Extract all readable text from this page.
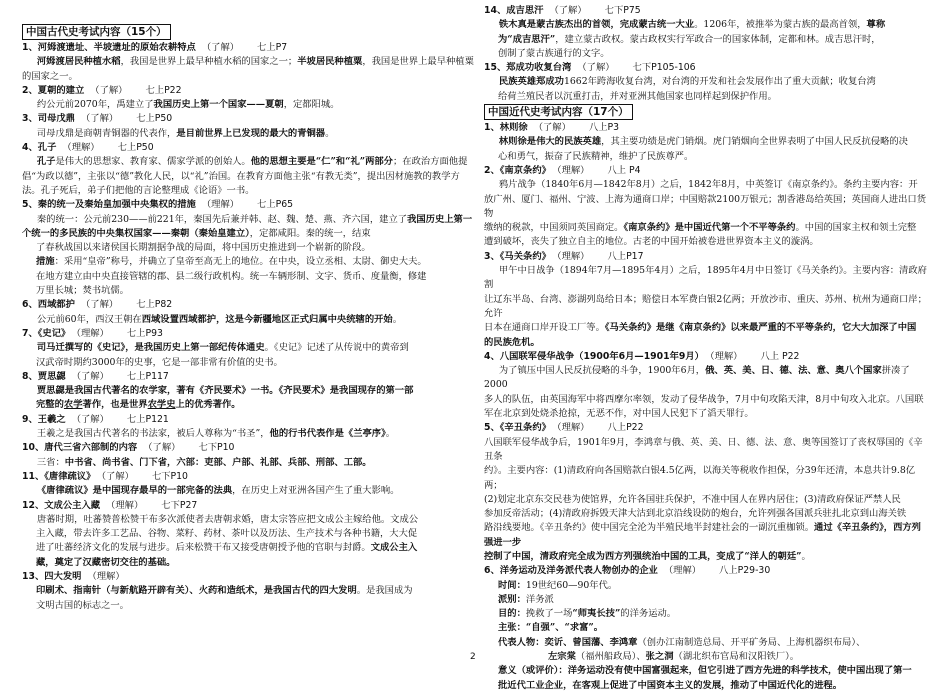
中国古代史考试内容（15个）

1、河姆渡遗址、半坡遗址的原始农耕特点 （了解） 七上P7

河姆渡居民种植水稻，我国是世界上最早种植水稻的国家之一；半坡居民种植粟，我国是世界上最早种植粟的国家之一。

2、夏朝的建立 （了解） 七上P22

约公元前2070年，禹建立了我国历史上第一个国家——夏朝，定都阳城。

3、司母戊鼎 （了解） 七上P50

司母戊鼎是商朝青铜器的代表作，是目前世界上已发现的最大的青铜器。

4、孔子 （理解） 七上P50

孔子是伟大的思想家、教育家、儒家学派的创始人。他的思想主要是“仁”和“礼”两部分；在政治方面他提倡“为政以德”，主张以“德”教化人民，以“礼”治国。在教育方面他主张“有教无类”，提出因材施教的教学方法。孔子死后，弟子们把他的言论整理成《论语》一书。

5、秦的统一及秦始皇加强中央集权的措施 （理解） 七上P65

秦的统一：公元前230——前221年，秦国先后兼并韩、赵、魏、楚、燕、齐六国，建立了我国历史上第一个统一的多民族的中央集权国家——秦朝（秦始皇建立），定都咸阳。秦的统一，结束

了春秋战国以来诸侯国长期割据争战的局面，将中国历史推进到一个崭新的阶段。

措施：采用“皇帝”称号，并确立了皇帝至高无上的地位。在中央，设立丞相、太尉、御史大夫。

在地方建立由中央直接管辖的郡、县二级行政机构。统一车辆形制、文字、货币、度量衡，修建

万里长城；焚书坑儒。

6、西域都护 （了解） 七上P82

公元前60年，西汉王朝在西域设置西域都护，这是今新疆地区正式归属中央统辖的开始。

7、《史记》 （理解） 七上P93

司马迁撰写的《史记》，是我国历史上第一部纪传体通史。《史记》记述了从传说中的黄帝到

汉武帝时期约3000年的史事，它是一部非常有价值的史书。

8、贾思勰 （了解） 七上P117

贾思勰是我国古代著名的农学家，著有《齐民要术》一书。《齐民要术》是我国现存的第一部

完整的农学著作，也是世界农学史上的优秀著作。

9、王羲之 （了解） 七上P121

王羲之是我国古代著名的书法家，被后人尊称为“书圣”，他的行书代表作是《兰亭序》。

10、唐代三省六部制的内容 （了解） 七下P10

三省：中书省、尚书省、门下省，六部：吏部、户部、礼部、兵部、刑部、工部。

11、《唐律疏议》 （了解） 七下P10

《唐律疏议》是中国现存最早的一部完备的法典，在历史上对亚洲各国产生了重大影响。

12、文成公主入藏 （理解） 七下P27

唐蕃时期，吐蕃赞普松赞干布多次派使者去唐朝求婚，唐太宗答应把文成公主嫁给他。文成公

主入藏，带去许多工艺品、谷物、菜籽、药材、茶叶以及历法、生产技术与各种书籍，大大促

进了吐蕃经济文化的发展与进步。后来松赞干布又接受唐朝授予他的官职与封爵。文成公主入

藏，奠定了汉藏密切交往的基础。

13、四大发明 （理解）

印刷术、指南针（与新航路开辟有关）、火药和造纸术，是我国古代的四大发明。是我国成为

文明古国的标志之一。

14、成吉思汗 （了解） 七下P75

铁木真是蒙古族杰出的首领，完成蒙古统一大业。1206年，被推举为蒙古族的最高首领，尊称

为“成吉思汗”，建立蒙古政权。蒙古政权实行军政合一的国家体制，定都和林。成吉思汗时，

创制了蒙古族通行的文字。

15、郑成功收复台湾 （了解） 七下P105-106

民族英雄郑成功1662年跨海收复台湾，对台湾的开发和社会发展作出了重大贡献；收复台湾

给荷兰殖民者以沉重打击，并对亚洲其他国家也同样起到保护作用。

中国近代史考试内容（17个）

1、林则徐 （了解） 八上P3

林则徐是伟大的民族英雄，其主要功绩是虎门销烟。虎门销烟向全世界表明了中国人民反抗侵略的决

心和勇气，振奋了民族精神，维护了民族尊严。

2、《南京条约》 （理解） 八上 P4

鸦片战争（1840年6月—1842年8月）之后，1842年8月，中英签订《南京条约》。条约主要内容：开

放广州、厦门、福州、宁波、上海为通商口岸；中国赔款2100万银元；割香港岛给英国；英国商人进出口货物

缴纳的税款，中国须同英国商定。《南京条约》是中国近代第一个不平等条约。中国的国家主权和领土完整

遭到破坏，丧失了独立自主的地位。古老的中国开始被卷进世界资本主义的漩涡。

3、《马关条约》 （理解） 八上P17

甲午中日战争（1894年7月—1895年4月）之后，1895年4月中日签订《马关条约》。主要内容：清政府割

让辽东半岛、台湾、澎湖列岛给日本；赔偿日本军费白银2亿两；开放沙市、重庆、苏州、杭州为通商口岸；允许

日本在通商口岸开设工厂等。《马关条约》是继《南京条约》以来最严重的不平等条约，它大大加深了中国

的民族危机。

4、八国联军侵华战争（1900年6月—1901年9月） （理解） 八上 P22

为了镇压中国人民反抗侵略的斗争，1900年6月，俄、英、美、日、德、法、意、奥八个国家拼凑了2000

多人的队伍，由英国海军中将西摩尔率领，发动了侵华战争，7月中旬攻陷天津，8月中旬攻入北京。八国联

军在北京到处烧杀抢掠，无恶不作，对中国人民犯下了滔天罪行。

5、《辛丑条约》 （理解） 八上P22

八国联军侵华战争后，1901年9月，李鸿章与俄、英、美、日、德、法、意、奥等国签订了丧权辱国的《辛丑条

约》。主要内容：(1)清政府向各国赔款白银4.5亿两，以海关等税收作担保，分39年还清，本息共计9.8亿两；

(2)划定北京东交民巷为使馆界，允许各国驻兵保护，不准中国人在界内居住；(3)清政府保证严禁人民

参加反帝活动；(4)清政府拆毁天津大沽到北京沿线设防的炮台，允许列强各国派兵驻扎北京到山海关铁

路沿线要地。《辛丑条约》使中国完全沦为半殖民地半封建社会的一副沉重枷锁。通过《辛丑条约》，西方列强进一步

控制了中国，清政府完全成为西方列强统治中国的工具，变成了“洋人的朝廷”。

6、洋务运动及洋务派代表人物创办的企业 （理解） 八上P29-30

时间：19世纪60—90年代。

派别：洋务派

目的：挽救了一场“师夷长技”的洋务运动。

主张：“自强”、“求富”。

代表人物：奕䜣、曾国藩、李鸿章（创办江南制造总局、开平矿务局、上海机器织布局）、

左宗棠（福州船政局）、张之洞（湖北织布官局和汉阳铁厂）。

意义（或评价）：洋务运动没有使中国富强起来，但它引进了西方先进的科学技术，使中国出现了第一

批近代工业企业，在客观上促进了中国资本主义的发展，推动了中国近代化的进程。

2
